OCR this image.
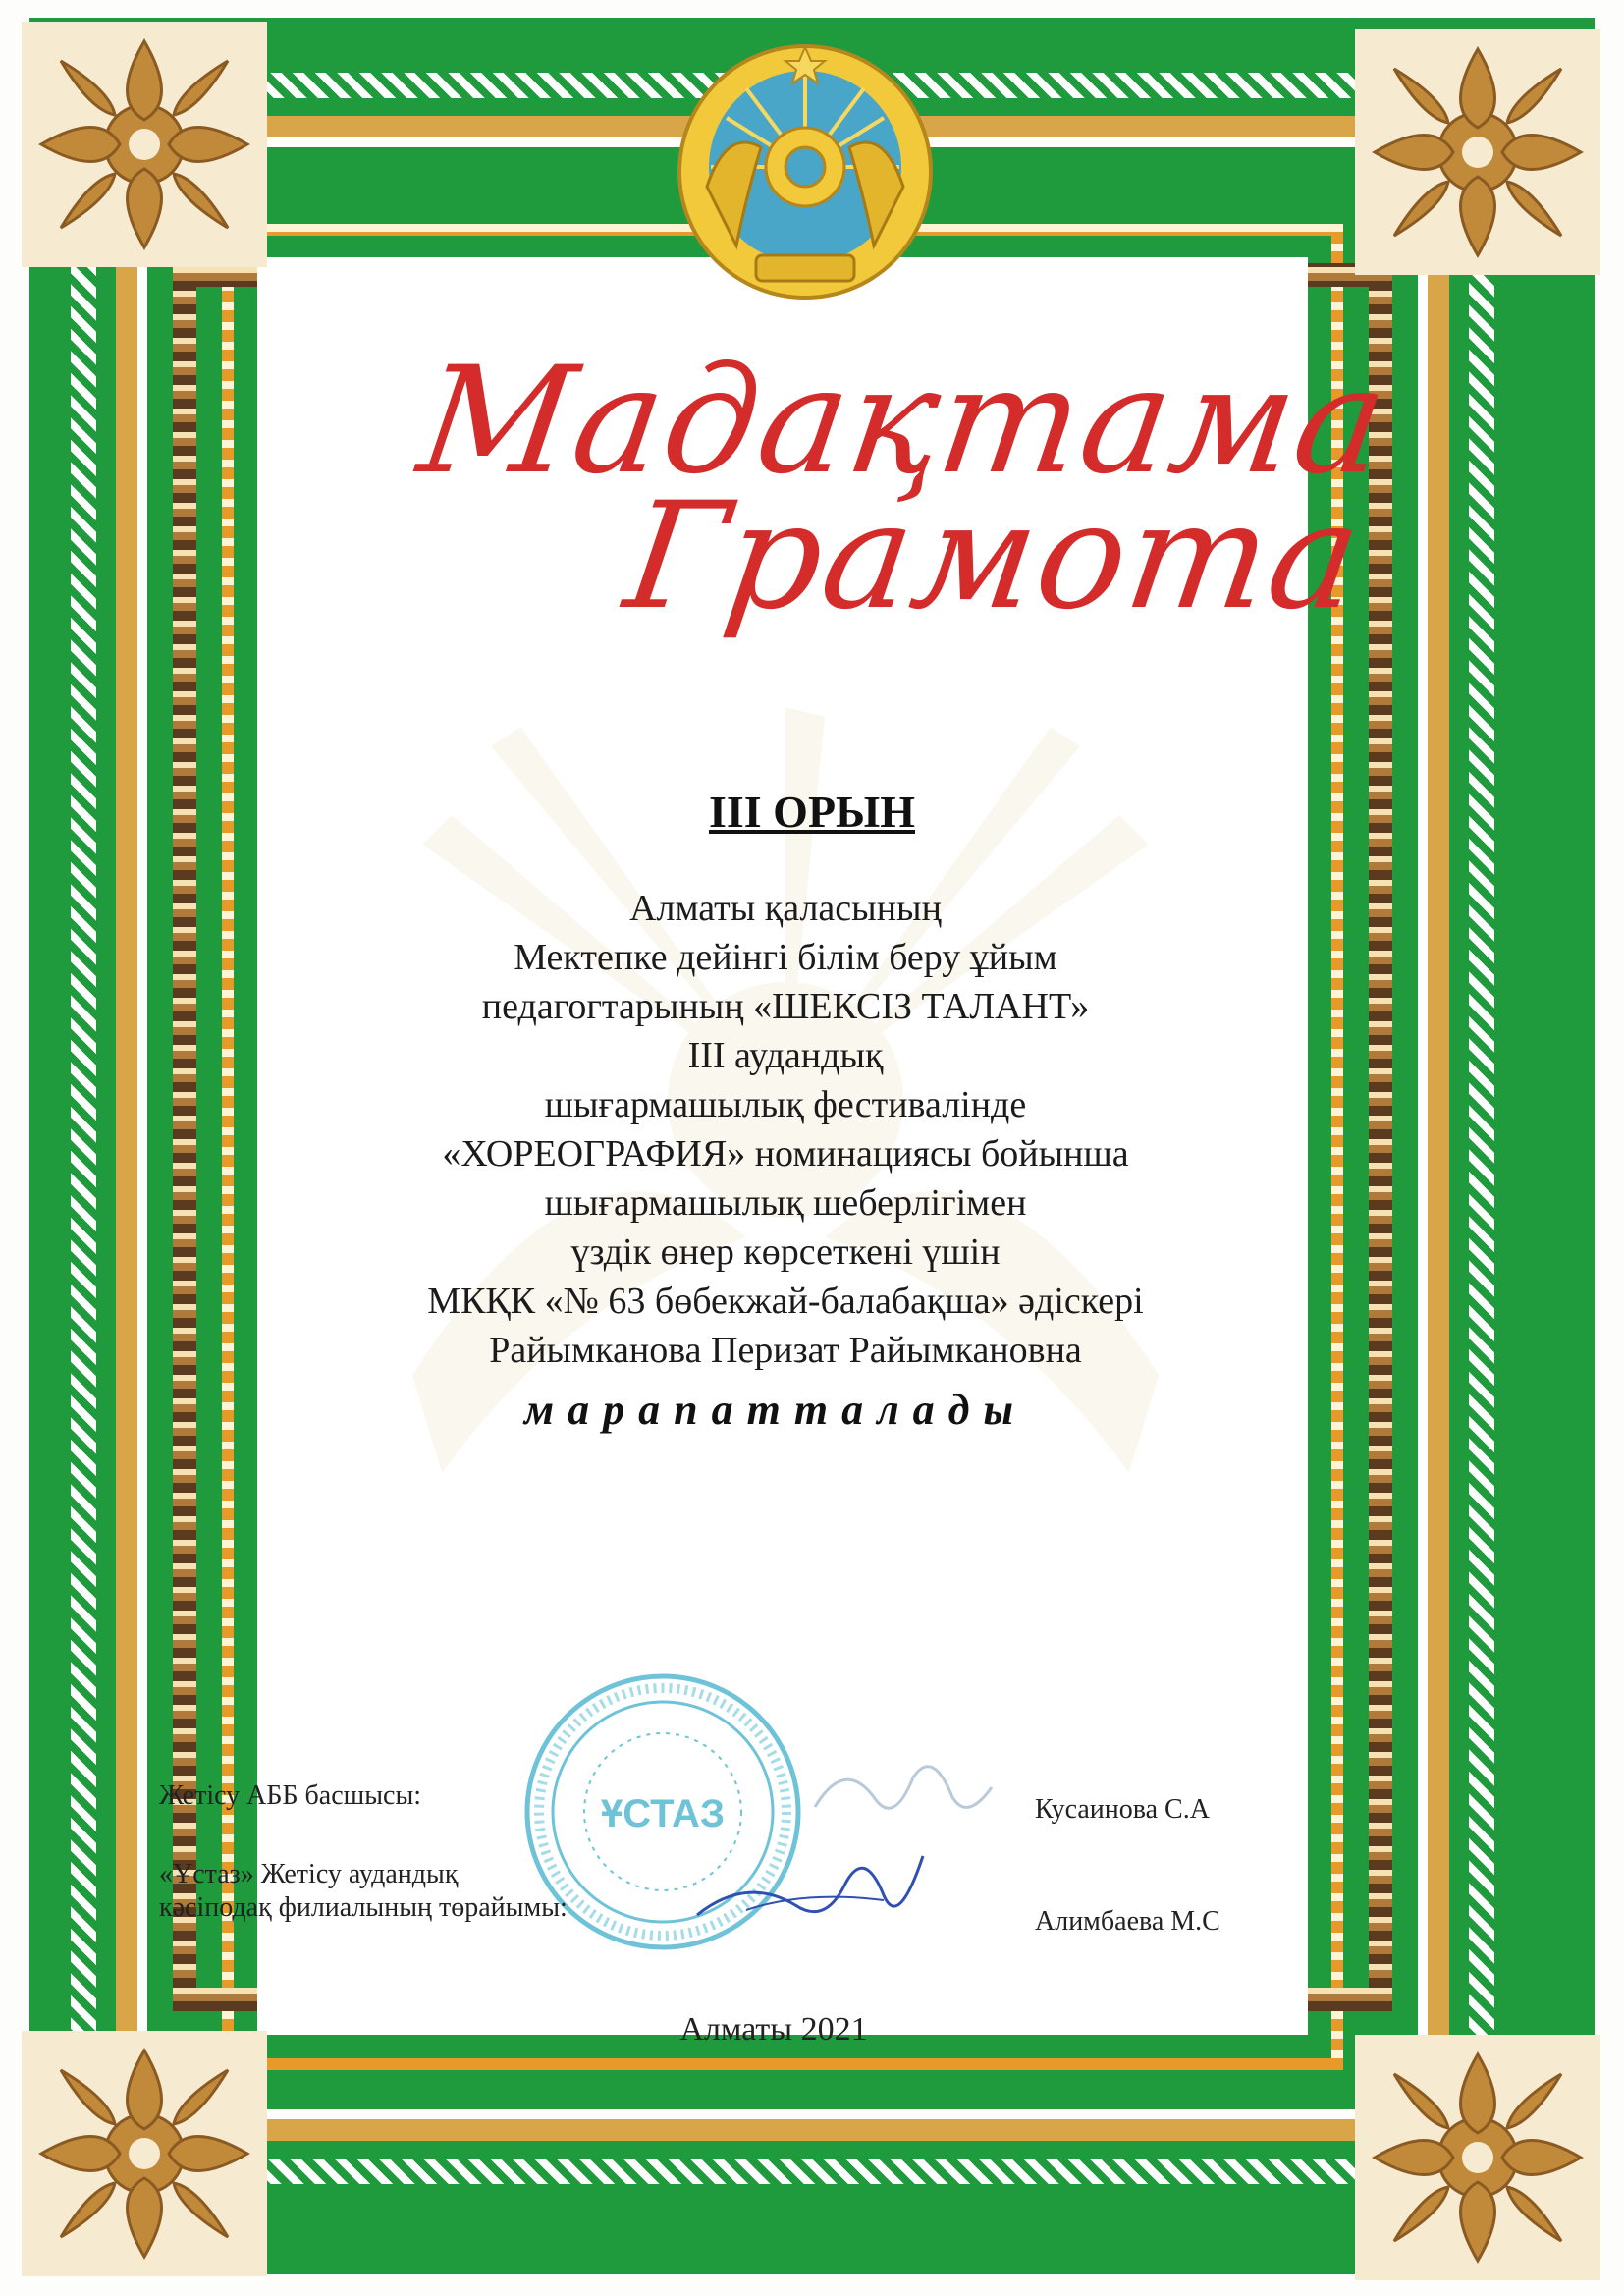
Мадақтама
Грамота
III ОРЫН
Алматы қаласының
Мектепке дейінгі білім беру ұйым
педагогтарының «ШЕКСІЗ ТАЛАНТ»
III аудандық
шығармашылық фестивалінде
«ХОРЕОГРАФИЯ» номинациясы бойынша
шығармашылық шеберлігімен
үздік өнер көрсеткені үшін
МКҚК «№ 63 бөбекжай-балабақша» әдіскері
Райымканова Перизат Райымкановна
марапатталады
ҰСТАЗ
Жетісу АББ басшысы:
«Ұстаз» Жетісу аудандық
кәсіподақ филиалының төрайымы:
Кусаинова С.А
Алимбаева М.С
Алматы 2021
